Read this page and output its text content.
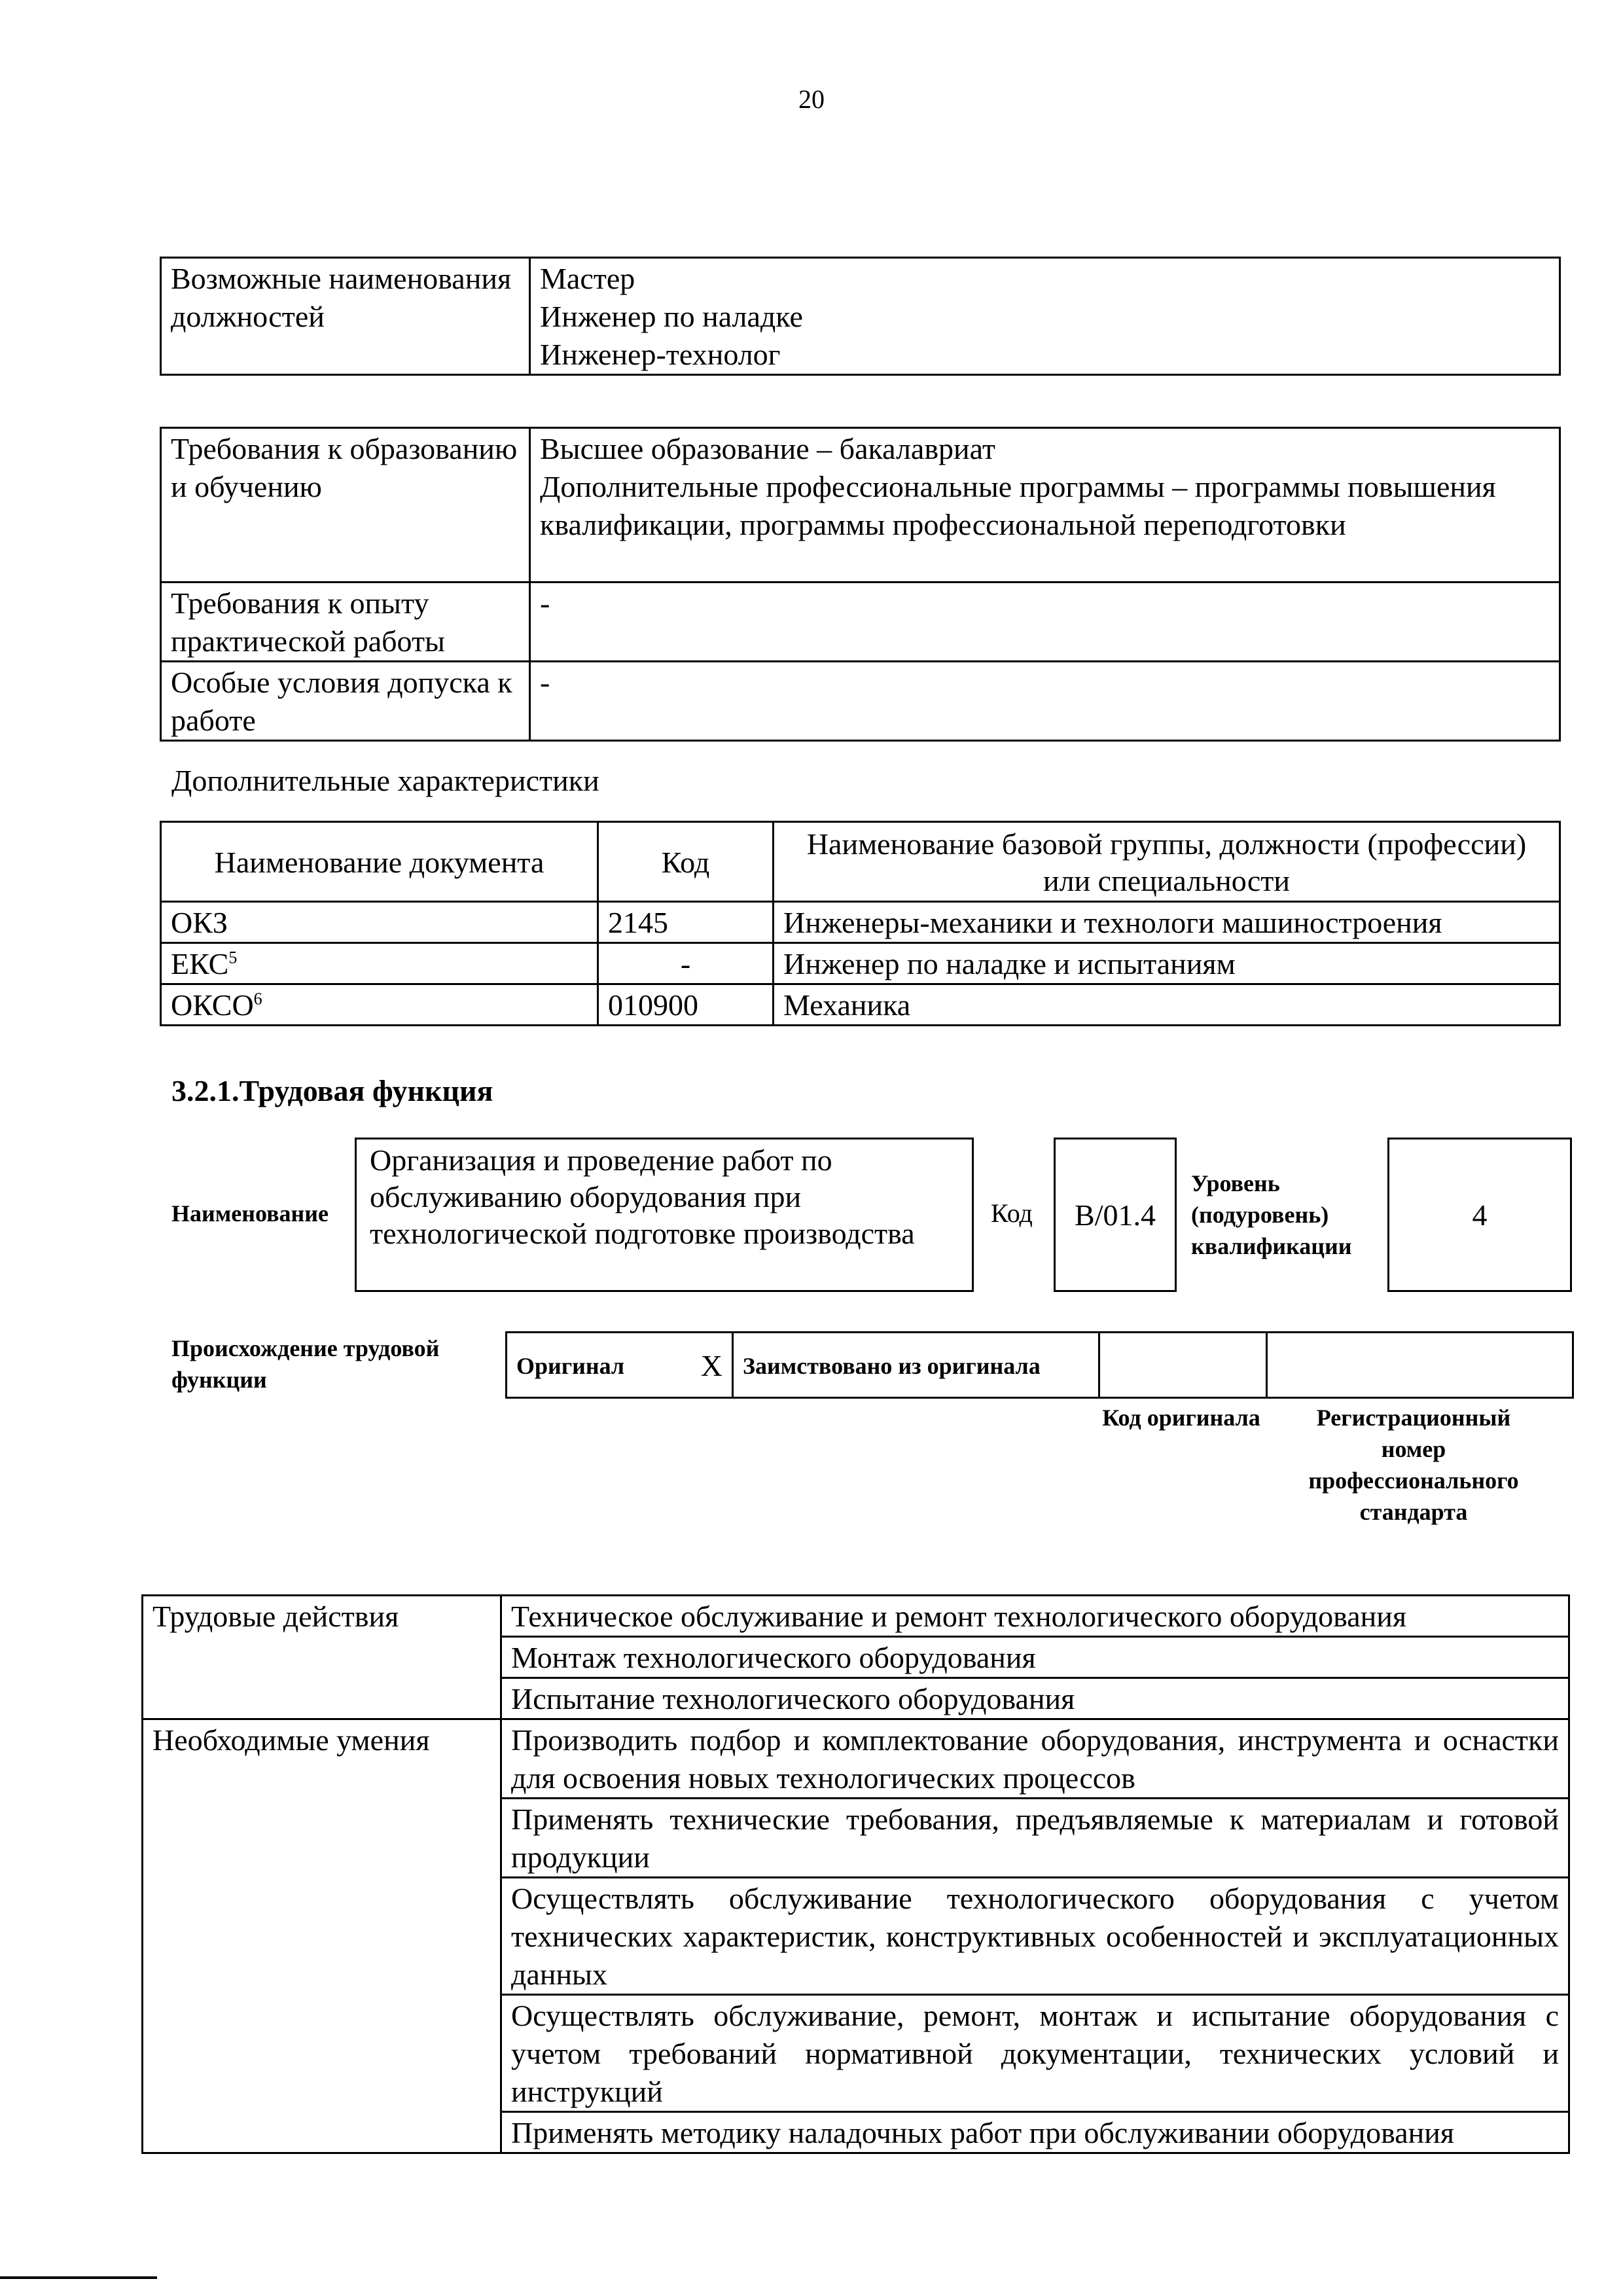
20
Возможные наименования должностей	
Мастер
Инженер по наладке
Инженер-технолог
Требования к образованию и обучению	Высшее образование – бакалавриат
Дополнительные профессиональные программы – программы повышения квалификации, программы профессиональной переподготовки
Требования к опыту практической работы	-
Особые условия допуска к работе	-
Дополнительные характеристики
Наименование документа	Код	Наименование базовой группы, должности (профессии) или специальности
ОКЗ	2145	Инженеры-механики и технологи машиностроения
ЕКС$^5$	-	Инженер по наладке и испытаниям
ОКСО$^6$	010900	Механика
3.2.1.Трудовая функция
Наименование
Организация и проведение работ по обслуживанию оборудования при технологической подготовке производства
Код B/01.4
Уровень (подуровень) квалификации
4
Происхождение трудовой функции
Оригинал	X	Заимствовано из оригинала		
Код оригинала	Регистрационный номер профессионального стандарта
Трудовые действия	Техническое обслуживание и ремонт технологического оборудования
	Монтаж технологического оборудования
	Испытание технологического оборудования
Необходимые умения	Производить подбор и комплектование оборудования, инструмента и оснастки для освоения новых технологических процессов
	Применять технические требования, предъявляемые к материалам и готовой продукции
	Осуществлять обслуживание технологического оборудования с учетом технических характеристик, конструктивных особенностей и эксплуатационных данных
	Осуществлять обслуживание, ремонт, монтаж и испытание оборудования с учетом требований нормативной документации, технических условий и инструкций
	Применять методику наладочных работ при обслуживании оборудования
